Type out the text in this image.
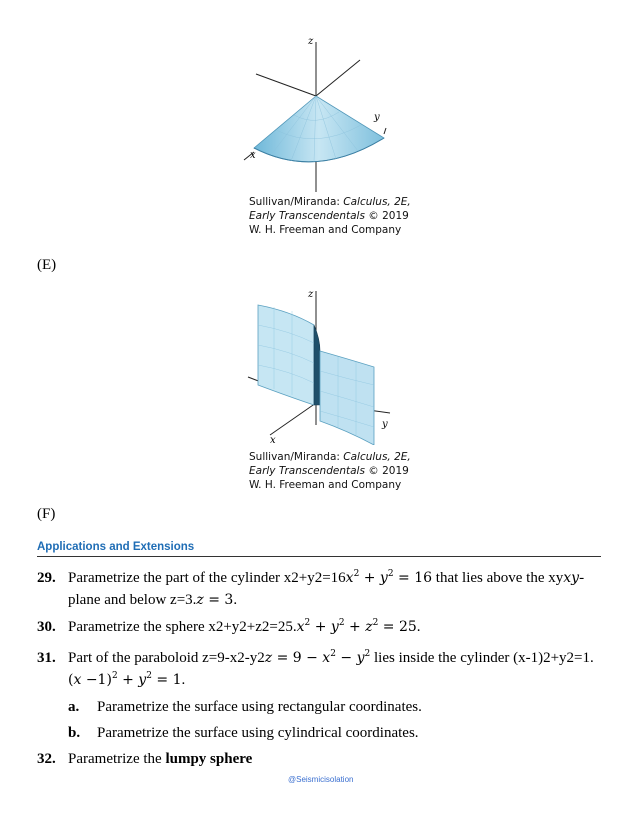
z
y
x
Sullivan/Miranda: Calculus, 2E,
Early Transcendentals © 2019
W. H. Freeman and Company
(E)
z
y
x
Sullivan/Miranda: Calculus, 2E,
Early Transcendentals © 2019
W. H. Freeman and Company
(F)
Applications and Extensions
29. Parametrize the part of the cylinder $x2+y2=16x^2 + y^2 = 16$ that lies above the xyxy-
plane and below z=3.z = 3.
30. Parametrize the sphere $x2+y2+z2=25.x^2 + y^2 + z^2 = 25$.
31. Part of the paraboloid $z=9-x2-y2z = 9 - x^2 - y^2$ lies inside the cylinder (x-1)2+y2=1.
$(x -1)^2 + y^2 = 1$.
a. Parametrize the surface using rectangular coordinates.
b. Parametrize the surface using cylindrical coordinates.
32. Parametrize the lumpy sphere
@Seismicisolation
